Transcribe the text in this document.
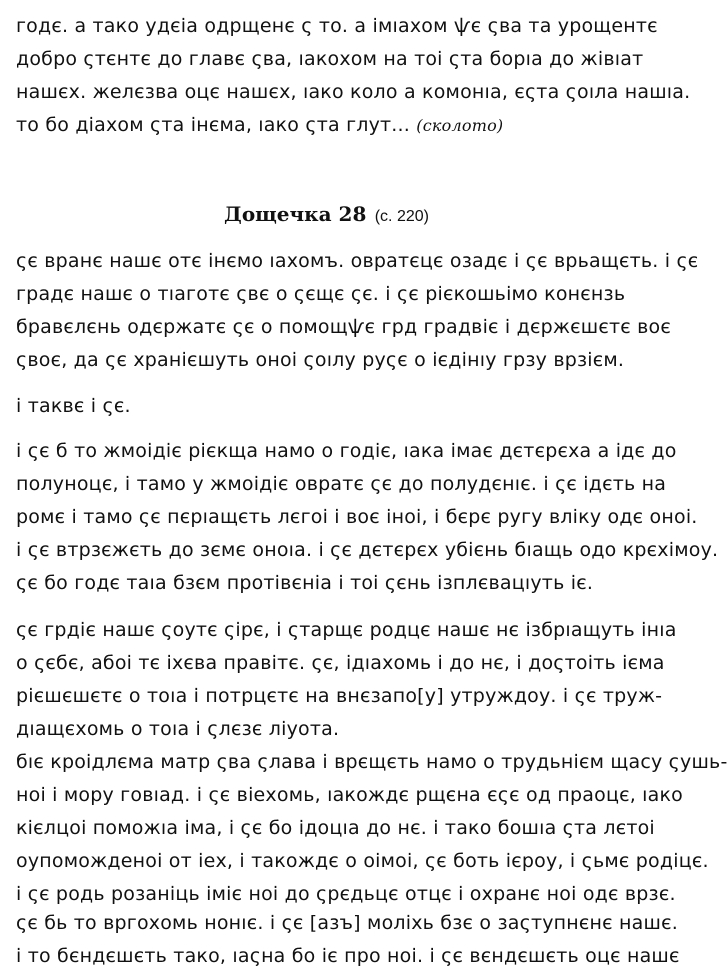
годє. а тако удєіа одрщенє ς то. а імıахом ѱє ςва та урощентє
добро ςтєнтє до главє ςва, ıакохом на тоі ςта борıа до жівıат
нашєх. желєзва оцє нашєх, ıако коло а комонıа, єςта ςоıла нашıа.
то бо діахом ςта інєма, ıако ςта глут... (сколото)
Дощечка 28 (с. 220)
ςє вранє нашє отє інємо ıахомъ. овратєцє озадє і ςє врьащєть. і ςє
градє нашє о тıаготє ςвє о ςєщє ςє. і ςє рієкошьімо конєнзь
бравєлєнь одєржатє ςє о помощѱє грд градвіє і дєржєшєтє воє
ςвоє, да ςє хранієшуть оноі ςоıлу руςє о ієдінıу грзу врзієм.
і таквє і ςє.
і ςє б то жмоідіє рієкща намо о годіє, ıака імає дєтєрєха а ідє до
полуноцє, і тамо у жмоідіє овратє ςє до полудєнıє. і ςє ідєть на
ромє і тамо ςє пєрıащєть лєгоі і воє іноі, і бєрє ругу вліку одє оноі.
і ςє втрзєжєть до зємє оноıа. і ςє дєтєрєх убієнь бıащь одо крєхімоу.
ςє бо годє таıа бзєм протівєніа і тоі ςєнь ізплєвацıуть іє.
ςє грдіє нашє ςоутє ςірє, і ςтарщє родцє нашє нє ізбрıащуть інıа
о ςєбє, абоі тє іхєва правітє. ςє, ідıахомь і до нє, і доςтоіть ієма
рієшєшєтє о тоıа і потрцєтє на внєзапо[у] утруждоу. і ςє труж-
дıащєхомь о тоıа і ςлєзє ліуота.
бıє кроідлєма матр ςва ςлава і врєщєть намо о трудьнієм щасу ςушь-
ноі і мору говıад. і ςє віехомь, ıакождє рщєна єςє од праоцє, ıако
кієлцоі поможıа іма, і ςє бо ідоцıа до нє. і тако бошıа ςта лєтоі
оупоможденоі от іех, і такождє о оімоі, ςє боть ієроу, і ςьмє родіцє.
і ςє родь розаніць іміє ноі до ςрєдьцє отцє і охранє ноі одє врзє.
ςє бь то вргохомь нонıє. і ςє [азъ] моліхь бзє о заςтупнєнє нашє.
і то бєндєшєть тако, ıаςна бо іє про ноі. і ςє вєндєшєть оцє нашє
